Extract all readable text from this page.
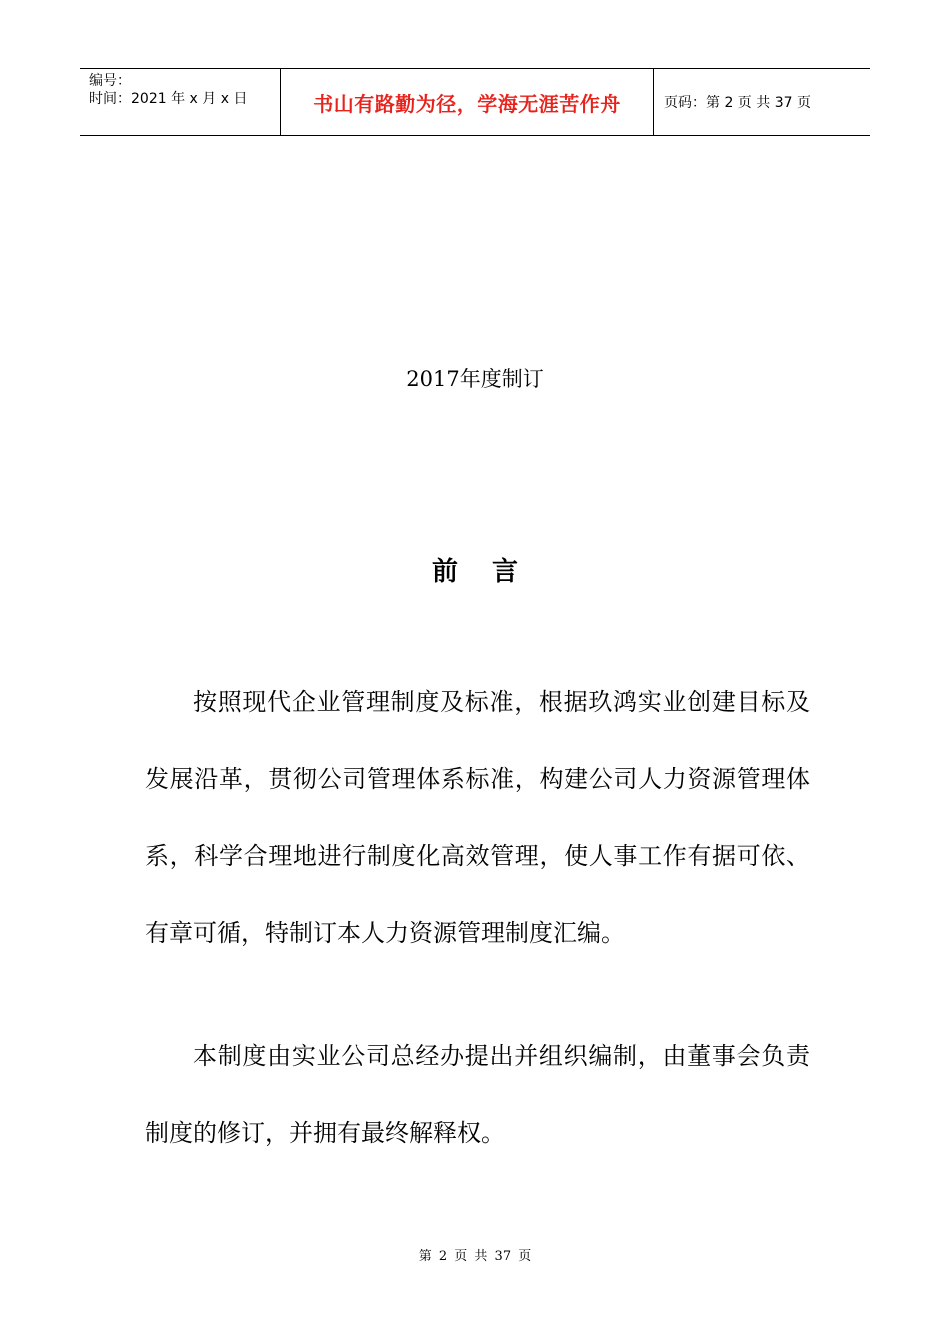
编号：
时间：2021 年 x 月 x 日	书山有路勤为径，学海无涯苦作舟	页码：第 2 页 共 37 页
2017年度制订
前 言

按照现代企业管理制度及标准，根据玖鸿实业创建目标及发展沿革，贯彻公司管理体系标准，构建公司人力资源管理体系，科学合理地进行制度化高效管理，使人事工作有据可依、有章可循，特制订本人力资源管理制度汇编。

本制度由实业公司总经办提出并组织编制，由董事会负责制度的修订，并拥有最终解释权。

第 2 页 共 37 页
